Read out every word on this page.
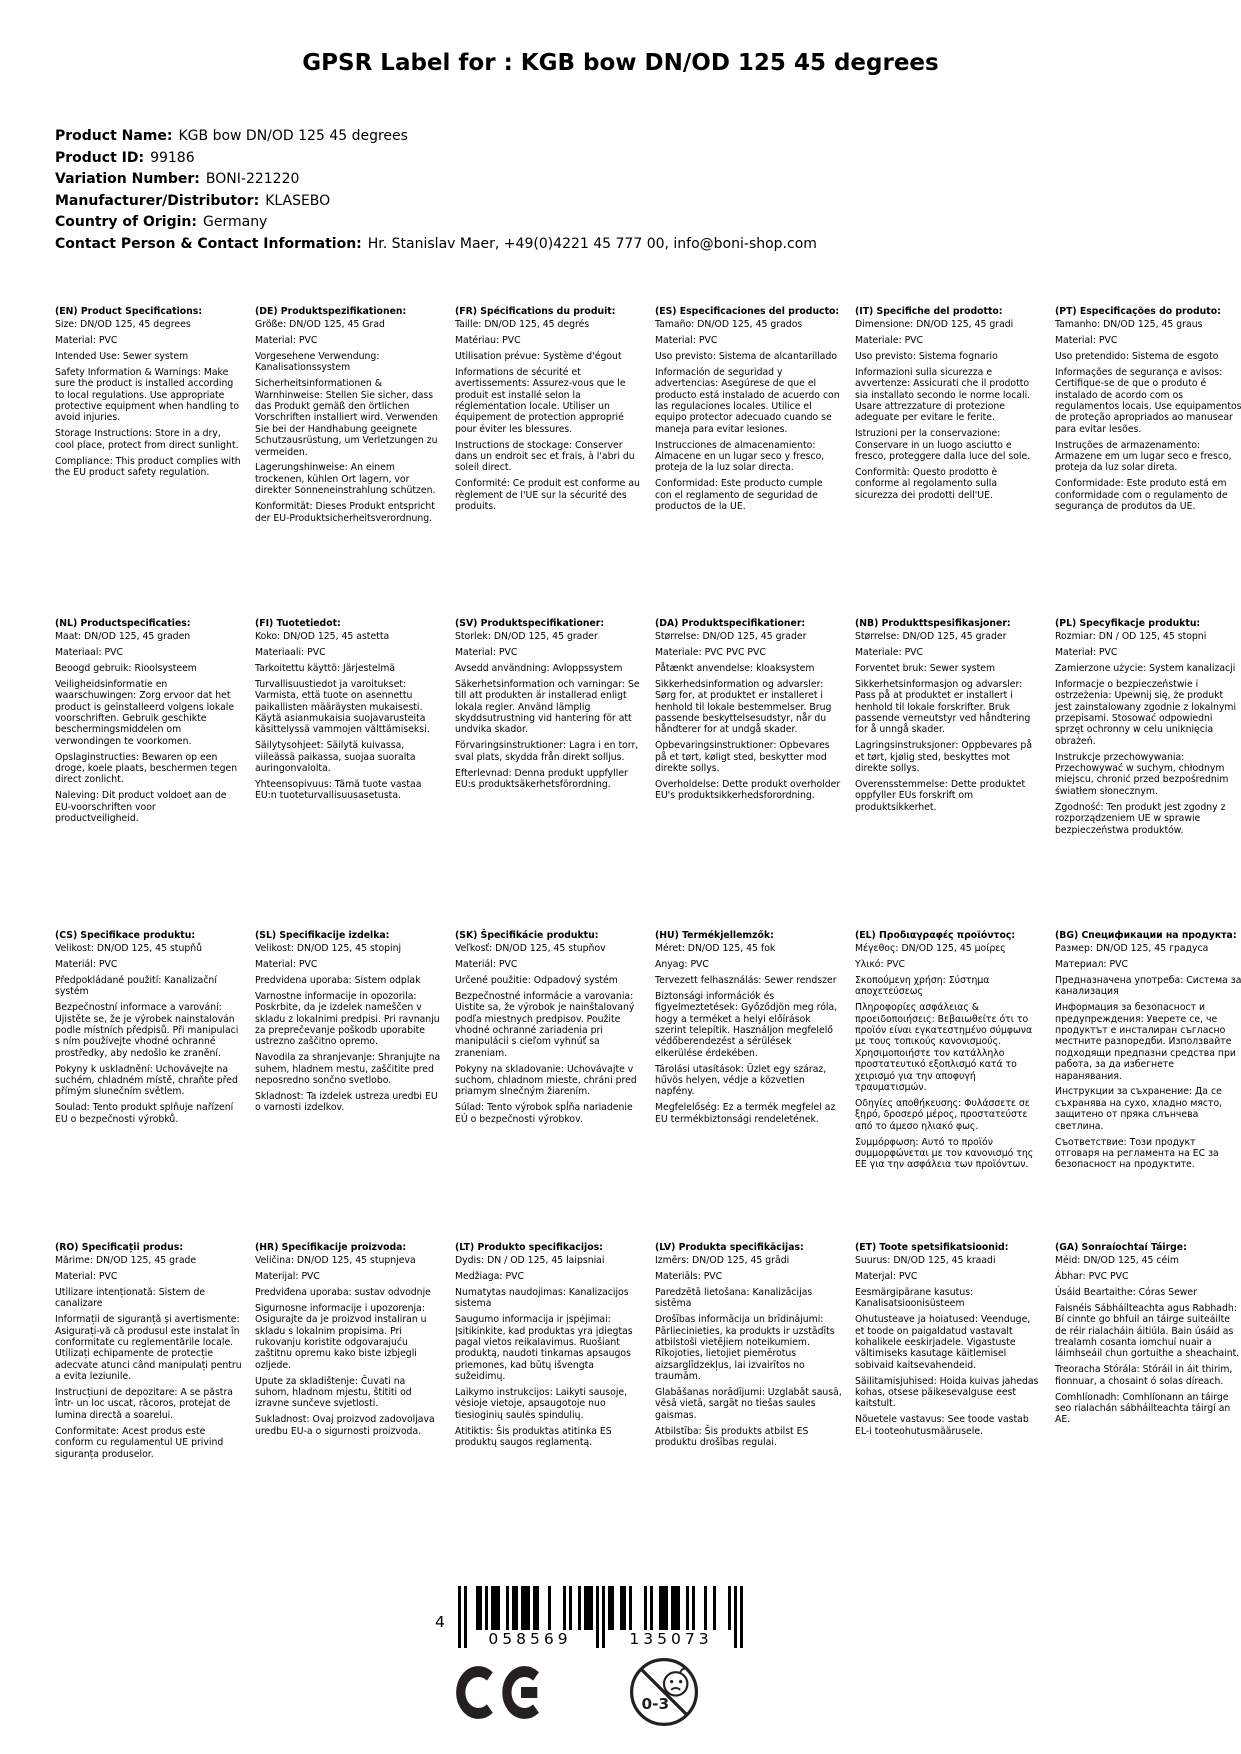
GPSR Label for : KGB bow DN/OD 125 45 degrees
Product Name: KGB bow DN/OD 125 45 degrees
Product ID: 99186
Variation Number: BONI-221220
Manufacturer/Distributor: KLASEBO
Country of Origin: Germany
Contact Person & Contact Information: Hr. Stanislav Maer, +49(0)4221 45 777 00, info@boni-shop.com
(EN) Product Specifications:

Size: DN/OD 125, 45 degrees

Material: PVC

Intended Use: Sewer system

Safety Information & Warnings: Make sure the product is installed according to local regulations. Use appropriate protective equipment when handling to avoid injuries.

Storage Instructions: Store in a dry, cool place, protect from direct sunlight.

Compliance: This product complies with the EU product safety regulation.

(DE) Produktspezifikationen:

Größe: DN/OD 125, 45 Grad

Material: PVC

Vorgesehene Verwendung: Kanalisationssystem

Sicherheitsinformationen & Warnhinweise: Stellen Sie sicher, dass das Produkt gemäß den örtlichen Vorschriften installiert wird. Verwenden Sie bei der Handhabung geeignete Schutzausrüstung, um Verletzungen zu vermeiden.

Lagerungshinweise: An einem trockenen, kühlen Ort lagern, vor direkter Sonneneinstrahlung schützen.

Konformität: Dieses Produkt entspricht der EU-Produktsicherheitsverordnung.

(FR) Spécifications du produit:

Taille: DN/OD 125, 45 degrés

Matériau: PVC

Utilisation prévue: Système d'égout

Informations de sécurité et avertissements: Assurez-vous que le produit est installé selon la réglementation locale. Utiliser un équipement de protection approprié pour éviter les blessures.

Instructions de stockage: Conserver dans un endroit sec et frais, à l'abri du soleil direct.

Conformité: Ce produit est conforme au règlement de l'UE sur la sécurité des produits.

(ES) Especificaciones del producto:

Tamaño: DN/OD 125, 45 grados

Material: PVC

Uso previsto: Sistema de alcantarillado

Información de seguridad y advertencias: Asegúrese de que el producto está instalado de acuerdo con las regulaciones locales. Utilice el equipo protector adecuado cuando se maneja para evitar lesiones.

Instrucciones de almacenamiento: Almacene en un lugar seco y fresco, proteja de la luz solar directa.

Conformidad: Este producto cumple con el reglamento de seguridad de productos de la UE.

(IT) Specifiche del prodotto:

Dimensione: DN/OD 125, 45 gradi

Materiale: PVC

Uso previsto: Sistema fognario

Informazioni sulla sicurezza e avvertenze: Assicurati che il prodotto sia installato secondo le norme locali. Usare attrezzature di protezione adeguate per evitare le ferite.

Istruzioni per la conservazione: Conservare in un luogo asciutto e fresco, proteggere dalla luce del sole.

Conformità: Questo prodotto è conforme al regolamento sulla sicurezza dei prodotti dell'UE.

(PT) Especificações do produto:

Tamanho: DN/OD 125, 45 graus

Material: PVC

Uso pretendido: Sistema de esgoto

Informações de segurança e avisos: Certifique-se de que o produto é instalado de acordo com os regulamentos locais. Use equipamentos de proteção apropriados ao manusear para evitar lesões.

Instruções de armazenamento: Armazene em um lugar seco e fresco, proteja da luz solar direta.

Conformidade: Este produto está em conformidade com o regulamento de segurança de produtos da UE.

(NL) Productspecificaties:

Maat: DN/OD 125, 45 graden

Materiaal: PVC

Beoogd gebruik: Rioolsysteem

Veiligheidsinformatie en waarschuwingen: Zorg ervoor dat het product is geïnstalleerd volgens lokale voorschriften. Gebruik geschikte beschermingsmiddelen om verwondingen te voorkomen.

Opslaginstructies: Bewaren op een droge, koele plaats, beschermen tegen direct zonlicht.

Naleving: Dit product voldoet aan de EU-voorschriften voor productveiligheid.

(FI) Tuotetiedot:

Koko: DN/OD 125, 45 astetta

Materiaali: PVC

Tarkoitettu käyttö: Järjestelmä

Turvallisuustiedot ja varoitukset: Varmista, että tuote on asennettu paikallisten määräysten mukaisesti. Käytä asianmukaisia suojavarusteita käsittelyssä vammojen välttämiseksi.

Säilytysohjeet: Säilytä kuivassa, viileässä paikassa, suojaa suoralta auringonvalolta.

Yhteensopivuus: Tämä tuote vastaa EU:n tuoteturvallisuusasetusta.

(SV) Produktspecifikationer:

Storlek: DN/OD 125, 45 grader

Material: PVC

Avsedd användning: Avloppssystem

Säkerhetsinformation och varningar: Se till att produkten är installerad enligt lokala regler. Använd lämplig skyddsutrustning vid hantering för att undvika skador.

Förvaringsinstruktioner: Lagra i en torr, sval plats, skydda från direkt solljus.

Efterlevnad: Denna produkt uppfyller EU:s produktsäkerhetsförordning.

(DA) Produktspecifikationer:

Størrelse: DN/OD 125, 45 grader

Materiale: PVC PVC PVC

Påtænkt anvendelse: kloaksystem

Sikkerhedsinformation og advarsler: Sørg for, at produktet er installeret i henhold til lokale bestemmelser. Brug passende beskyttelsesudstyr, når du håndterer for at undgå skader.

Opbevaringsinstruktioner: Opbevares på et tørt, køligt sted, beskytter mod direkte sollys.

Overholdelse: Dette produkt overholder EU's produktsikkerhedsforordning.

(NB) Produkttspesifikasjoner:

Størrelse: DN/OD 125, 45 grader

Materiale: PVC

Forventet bruk: Sewer system

Sikkerhetsinformasjon og advarsler: Pass på at produktet er installert i henhold til lokale forskrifter. Bruk passende verneutstyr ved håndtering for å unngå skader.

Lagringsinstruksjoner: Oppbevares på et tørt, kjølig sted, beskyttes mot direkte sollys.

Overensstemmelse: Dette produktet oppfyller EUs forskrift om produktsikkerhet.

(PL) Specyfikacje produktu:

Rozmiar: DN / OD 125, 45 stopni

Materiał: PVC

Zamierzone użycie: System kanalizacji

Informacje o bezpieczeństwie i ostrzeżenia: Upewnij się, że produkt jest zainstalowany zgodnie z lokalnymi przepisami. Stosować odpowiedni sprzęt ochronny w celu uniknięcia obrażeń.

Instrukcje przechowywania: Przechowywać w suchym, chłodnym miejscu, chronić przed bezpośrednim światłem słonecznym.

Zgodność: Ten produkt jest zgodny z rozporządzeniem UE w sprawie bezpieczeństwa produktów.

(CS) Specifikace produktu:

Velikost: DN/OD 125, 45 stupňů

Materiál: PVC

Předpokládané použití: Kanalizační systém

Bezpečnostní informace a varování: Ujistěte se, že je výrobek nainstalován podle místních předpisů. Při manipulaci s ním používejte vhodné ochranné prostředky, aby nedošlo ke zranění.

Pokyny k uskladnění: Uchovávejte na suchém, chladném místě, chraňte před přímým slunečním světlem.

Soulad: Tento produkt splňuje nařízení EU o bezpečnosti výrobků.

(SL) Specifikacije izdelka:

Velikost: DN/OD 125, 45 stopinj

Material: PVC

Predvidena uporaba: Sistem odplak

Varnostne informacije in opozorila: Poskrbite, da je izdelek nameščen v skladu z lokalnimi predpisi. Pri ravnanju za preprečevanje poškodb uporabite ustrezno zaščitno opremo.

Navodila za shranjevanje: Shranjujte na suhem, hladnem mestu, zaščitite pred neposredno sončno svetlobo.

Skladnost: Ta izdelek ustreza uredbi EU o varnosti izdelkov.

(SK) Špecifikácie produktu:

Veľkosť: DN/OD 125, 45 stupňov

Materiál: PVC

Určené použitie: Odpadový systém

Bezpečnostné informácie a varovania: Uistite sa, že výrobok je nainštalovaný podľa miestnych predpisov. Použite vhodné ochranné zariadenia pri manipulácii s cieľom vyhnúť sa zraneniam.

Pokyny na skladovanie: Uchovávajte v suchom, chladnom mieste, chráni pred priamym slnečným žiarením.

Súlad: Tento výrobok spĺňa nariadenie EÚ o bezpečnosti výrobkov.

(HU) Termékjellemzők:

Méret: DN/OD 125, 45 fok

Anyag: PVC

Tervezett felhasználás: Sewer rendszer

Biztonsági információk és figyelmeztetések: Győződjön meg róla, hogy a terméket a helyi előírások szerint telepítik. Használjon megfelelő védőberendezést a sérülések elkerülése érdekében.

Tárolási utasítások: Üzlet egy száraz, hűvös helyen, védje a közvetlen napfény.

Megfelelőség: Ez a termék megfelel az EU termékbiztonsági rendeletének.

(EL) Προδιαγραφές προϊόντος:

Μέγεθος: DN/OD 125, 45 μοίρες

Υλικό: PVC

Σκοπούμενη χρήση: Σύστημα αποχετεύσεως

Πληροφορίες ασφάλειας & προειδοποιήσεις: Βεβαιωθείτε ότι το προϊόν είναι εγκατεστημένο σύμφωνα με τους τοπικούς κανονισμούς. Χρησιμοποιήστε τον κατάλληλο προστατευτικό εξοπλισμό κατά το χειρισμό για την αποφυγή τραυματισμών.

Οδηγίες αποθήκευσης: Φυλάσσετε σε ξηρό, δροσερό μέρος, προστατεύστε από το άμεσο ηλιακό φως.

Συμμόρφωση: Αυτό το προϊόν συμμορφώνεται με τον κανονισμό της ΕΕ για την ασφάλεια των προϊόντων.

(BG) Спецификации на продукта:

Размер: DN/OD 125, 45 градуса

Материал: PVC

Предназначена употреба: Система за канализация

Информация за безопасност и предупреждения: Уверете се, че продуктът е инсталиран съгласно местните разпоредби. Използвайте подходящи предпазни средства при работа, за да избегнете наранявания.

Инструкции за съхранение: Да се съхранява на сухо, хладно място, защитено от пряка слънчева светлина.

Съответствие: Този продукт отговаря на регламента на ЕС за безопасност на продуктите.

(RO) Specificații produs:

Mărime: DN/OD 125, 45 grade

Material: PVC

Utilizare intenționată: Sistem de canalizare

Informații de siguranță și avertismente: Asigurați-vă că produsul este instalat în conformitate cu reglementările locale. Utilizați echipamente de protecție adecvate atunci când manipulați pentru a evita leziunile.

Instrucțiuni de depozitare: A se păstra într- un loc uscat, răcoros, protejat de lumina directă a soarelui.

Conformitate: Acest produs este conform cu regulamentul UE privind siguranța produselor.

(HR) Specifikacije proizvoda:

Veličina: DN/OD 125, 45 stupnjeva

Materijal: PVC

Predviđena uporaba: sustav odvodnje

Sigurnosne informacije i upozorenja: Osigurajte da je proizvod instaliran u skladu s lokalnim propisima. Pri rukovanju koristite odgovarajuću zaštitnu opremu kako biste izbjegli ozljede.

Upute za skladištenje: Čuvati na suhom, hladnom mjestu, štititi od izravne sunčeve svjetlosti.

Sukladnost: Ovaj proizvod zadovoljava uredbu EU-a o sigurnosti proizvoda.

(LT) Produkto specifikacijos:

Dydis: DN / OD 125, 45 laipsniai

Medžiaga: PVC

Numatytas naudojimas: Kanalizacijos sistema

Saugumo informacija ir įspėjimai: Įsitikinkite, kad produktas yra įdiegtas pagal vietos reikalavimus. Ruošiant produktą, naudoti tinkamas apsaugos priemones, kad būtų išvengta sužeidimų.

Laikymo instrukcijos: Laikyti sausoje, vėsioje vietoje, apsaugotoje nuo tiesioginių saulės spindulių.

Atitiktis: Šis produktas atitinka ES produktų saugos reglamentą.

(LV) Produkta specifikācijas:

Izmērs: DN/OD 125, 45 grādi

Materiāls: PVC

Paredzētā lietošana: Kanalizācijas sistēma

Drošības informācija un brīdinājumi: Pārliecinieties, ka produkts ir uzstādīts atbilstoši vietējiem noteikumiem. Rīkojoties, lietojiet piemērotus aizsarglīdzekļus, lai izvairītos no traumām.

Glabāšanas norādījumi: Uzglabāt sausā, vēsā vietā, sargāt no tiešas saules gaismas.

Atbilstība: Šis produkts atbilst ES produktu drošības regulai.

(ET) Toote spetsifikatsioonid:

Suurus: DN/OD 125, 45 kraadi

Materjal: PVC

Eesmärgipärane kasutus: Kanalisatsioonisüsteem

Ohutusteave ja hoiatused: Veenduge, et toode on paigaldatud vastavalt kohalikele eeskirjadele. Vigastuste vältimiseks kasutage käitlemisel sobivaid kaitsevahendeid.

Säilitamisjuhised: Hoida kuivas jahedas kohas, otsese päikesevalguse eest kaitstult.

Nõuetele vastavus: See toode vastab EL-i tooteohutusmäärusele.

(GA) Sonraíochtaí Táirge:

Méid: DN/OD 125, 45 céim

Ábhar: PVC PVC

Úsáid Beartaithe: Córas Sewer

Faisnéis Sábháilteachta agus Rabhadh: Bí cinnte go bhfuil an táirge suiteáilte de réir rialacháin áitiúla. Bain úsáid as trealamh cosanta iomchuí nuair a láimhseáil chun gortuithe a sheachaint.

Treoracha Stórála: Stóráil in áit thirim, fionnuar, a chosaint ó solas díreach.

Comhlíonadh: Comhlíonann an táirge seo rialachán sábháilteachta táirgí an AE.

4
058569	135073
0-3
